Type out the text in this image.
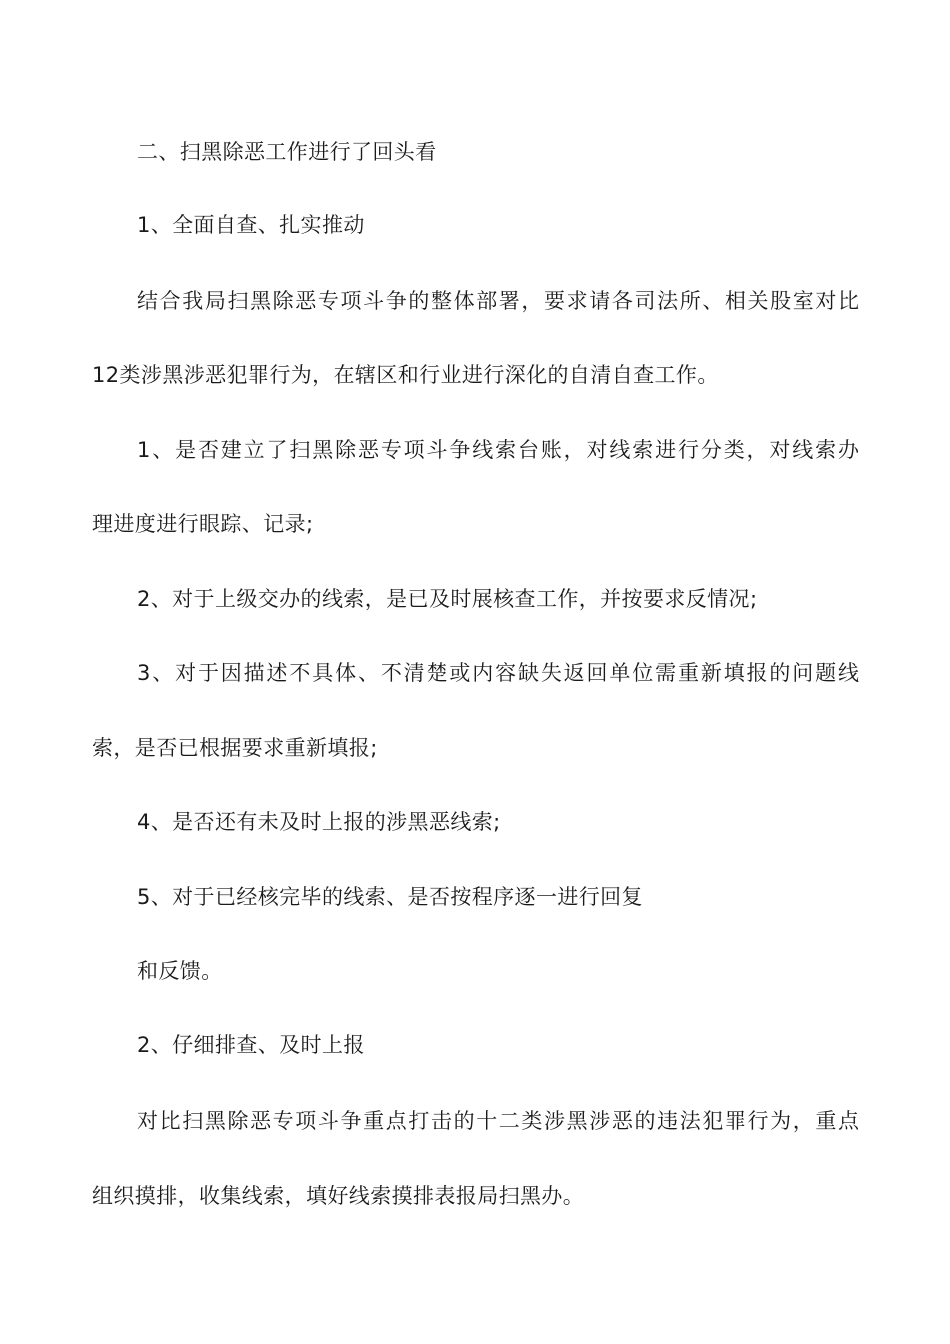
二、扫黑除恶工作进行了回头看
1、全面自查、扎实推动
结合我局扫黑除恶专项斗争的整体部署，要求请各司法所、相关股室对比
12类涉黑涉恶犯罪行为，在辖区和行业进行深化的自清自查工作。
1、是否建立了扫黑除恶专项斗争线索台账，对线索进行分类，对线索办
理进度进行眼踪、记录;
2、对于上级交办的线索，是已及时展核查工作，并按要求反情况;
3、对于因描述不具体、不清楚或内容缺失返回单位需重新填报的问题线
索，是否已根据要求重新填报;
4、是否还有未及时上报的涉黑恶线索;
5、对于已经核完毕的线索、是否按程序逐一进行回复
和反馈。
2、仔细排查、及时上报
对比扫黑除恶专项斗争重点打击的十二类涉黑涉恶的违法犯罪行为，重点
组织摸排，收集线索，填好线索摸排表报局扫黑办。
